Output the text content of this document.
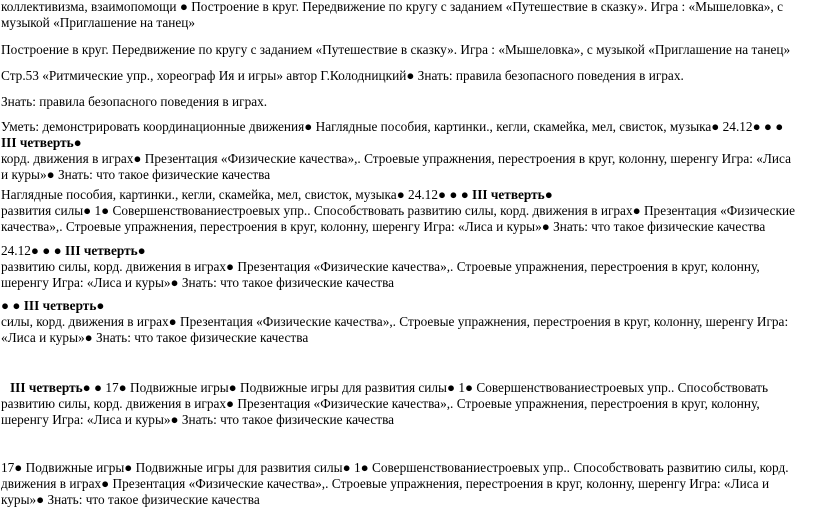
коллективизма, взаимопомощи ● Построение в круг. Передвижение по кругу с заданием «Путешествие в сказку». Игра : «Мышеловка», с музыкой «Приглашение на танец»

Построение в круг. Передвижение по кругу с заданием «Путешествие в сказку». Игра : «Мышеловка», с музыкой «Приглашение на танец»

Стр.53 «Ритмические упр., хореограф Ия и игры» автор Г.Колодницкий● Знать: правила безопасного поведения в играх.

Знать: правила безопасного поведения в играх.

Уметь: демонстрировать координационные движения● Наглядные пособия, картинки., кегли, скамейка, мел, свисток, музыка● 24.12● ● ● III четверть●
корд. движения в играх● Презентация «Физические качества»,. Строевые упражнения, перестроения в круг, колонну, шеренгу Игра: «Лиса и куры»● Знать: что такое физические качества
Наглядные пособия, картинки., кегли, скамейка, мел, свисток, музыка● 24.12● ● ● III четверть●
развития силы● 1● Совершенствованиестроевых упр.. Способствовать развитию силы, корд. движения в играх● Презентация «Физические качества»,. Строевые упражнения, перестроения в круг, колонну, шеренгу Игра: «Лиса и куры»● Знать: что такое физические качества
24.12● ● ● III четверть●
развитию силы, корд. движения в играх● Презентация «Физические качества»,. Строевые упражнения, перестроения в круг, колонну, шеренгу Игра: «Лиса и куры»● Знать: что такое физические качества
● ● III четверть●
силы, корд. движения в играх● Презентация «Физические качества»,. Строевые упражнения, перестроения в круг, колонну, шеренгу Игра: «Лиса и куры»● Знать: что такое физические качества
III четверть● ● 17● Подвижные игры● Подвижные игры для развития силы● 1● Совершенствованиестроевых упр.. Способствовать развитию силы, корд. движения в играх● Презентация «Физические качества»,. Строевые упражнения, перестроения в круг, колонну, шеренгу Игра: «Лиса и куры»● Знать: что такое физические качества

17● Подвижные игры● Подвижные игры для развития силы● 1● Совершенствованиестроевых упр.. Способствовать развитию силы, корд. движения в играх● Презентация «Физические качества»,. Строевые упражнения, перестроения в круг, колонну, шеренгу Игра: «Лиса и куры»● Знать: что такое физические качества
